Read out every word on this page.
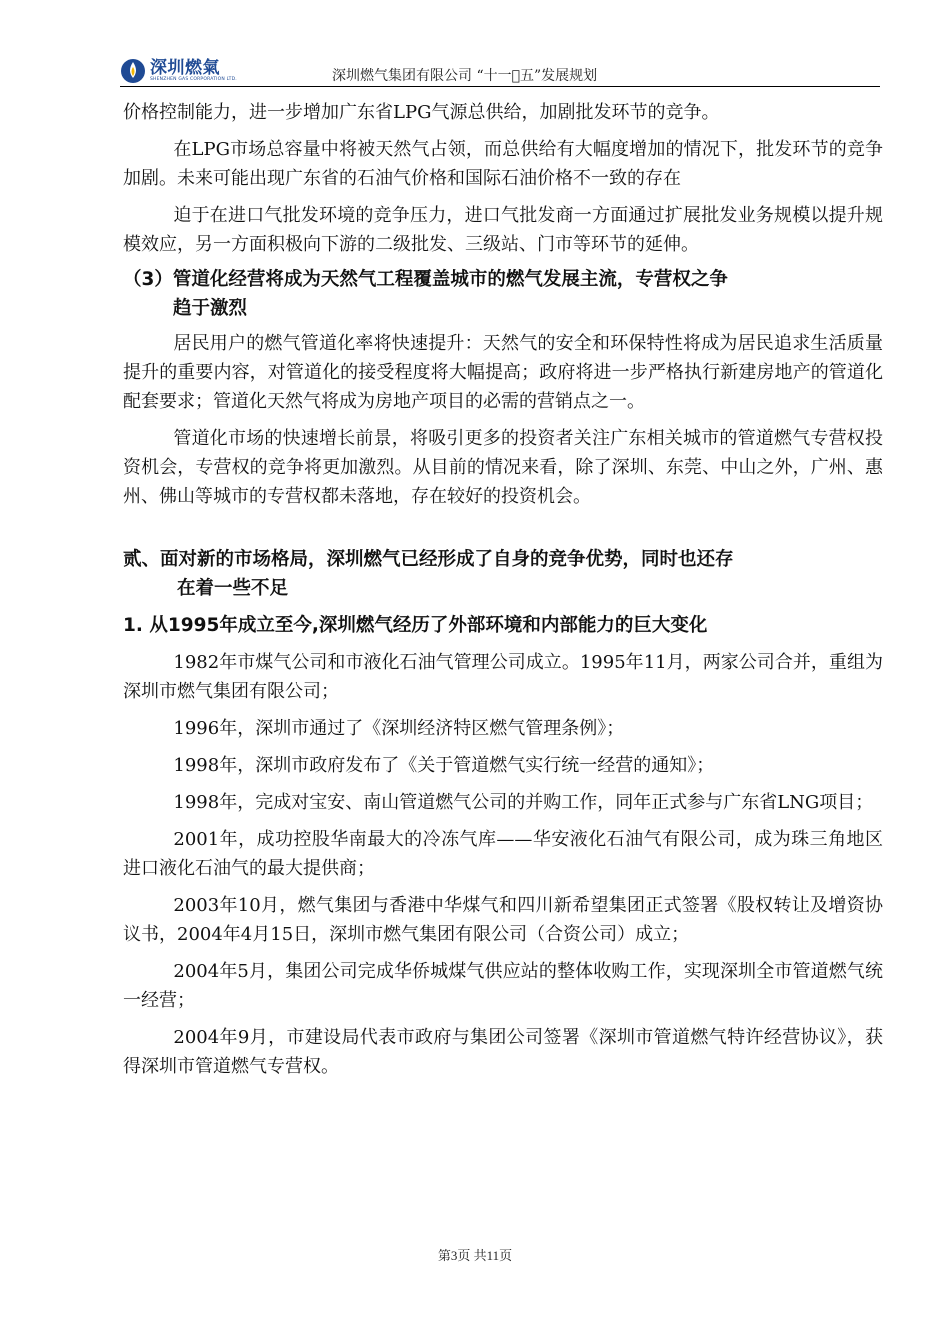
深圳燃氣
SHENZHEN GAS CORPORATION LTD.	深圳燃气集团有限公司 “十一􀀀五”发展规划

价格控制能力，进一步增加广东省LPG气源总供给，加剧批发环节的竞争。

在LPG市场总容量中将被天然气占领，而总供给有大幅度增加的情况下，批发环节的竞争加剧。未来可能出现广东省的石油气价格和国际石油价格不一致的存在

迫于在进口气批发环境的竞争压力，进口气批发商一方面通过扩展批发业务规模以提升规模效应，另一方面积极向下游的二级批发、三级站、门市等环节的延伸。

（3）管道化经营将成为天然气工程覆盖城市的燃气发展主流，专营权之争
趋于激烈

居民用户的燃气管道化率将快速提升：天然气的安全和环保特性将成为居民追求生活质量提升的重要内容，对管道化的接受程度将大幅提高；政府将进一步严格执行新建房地产的管道化配套要求；管道化天然气将成为房地产项目的必需的营销点之一。

管道化市场的快速增长前景，将吸引更多的投资者关注广东相关城市的管道燃气专营权投资机会，专营权的竞争将更加激烈。从目前的情况来看，除了深圳、东莞、中山之外，广州、惠州、佛山等城市的专营权都未落地，存在较好的投资机会。

贰、面对新的市场格局，深圳燃气已经形成了自身的竞争优势，同时也还存
在着一些不足
1. 从1995年成立至今,深圳燃气经历了外部环境和内部能力的巨大变化

1982年市煤气公司和市液化石油气管理公司成立。1995年11月，两家公司合并，重组为深圳市燃气集团有限公司；

1996年，深圳市通过了《深圳经济特区燃气管理条例》；

1998年，深圳市政府发布了《关于管道燃气实行统一经营的通知》；

1998年，完成对宝安、南山管道燃气公司的并购工作，同年正式参与广东省LNG项目；

2001年，成功控股华南最大的冷冻气库——华安液化石油气有限公司，成为珠三角地区进口液化石油气的最大提供商；

2003年10月，燃气集团与香港中华煤气和四川新希望集团正式签署《股权转让及增资协议书，2004年4月15日，深圳市燃气集团有限公司（合资公司）成立；

2004年5月，集团公司完成华侨城煤气供应站的整体收购工作，实现深圳全市管道燃气统一经营；

2004年9月，市建设局代表市政府与集团公司签署《深圳市管道燃气特许经营协议》，获得深圳市管道燃气专营权。

第3页 共11页
